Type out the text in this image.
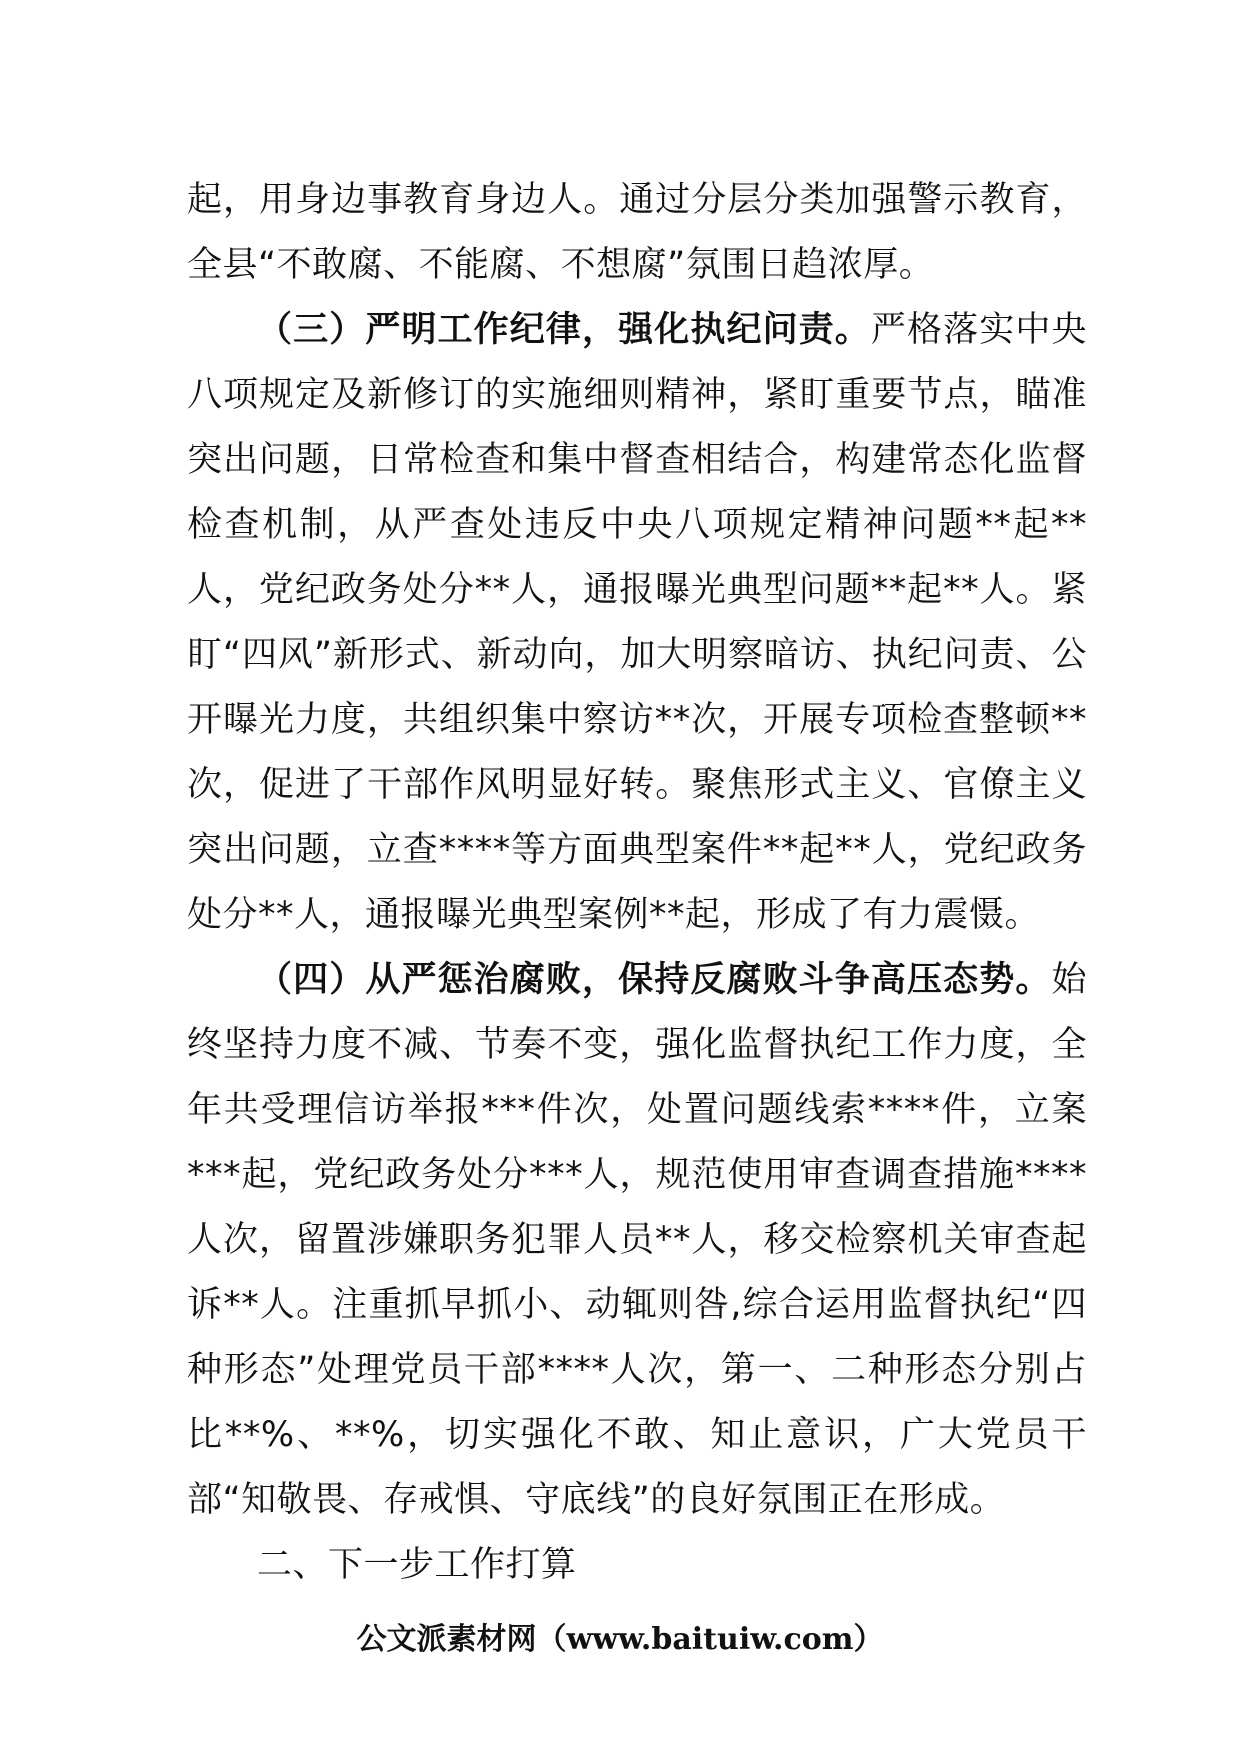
起，用身边事教育身边人。通过分层分类加强警示教育，全县“不敢腐、不能腐、不想腐”氛围日趋浓厚。

（三）严明工作纪律，强化执纪问责。严格落实中央八项规定及新修订的实施细则精神，紧盯重要节点，瞄准突出问题，日常检查和集中督查相结合，构建常态化监督检查机制，从严查处违反中央八项规定精神问题**起**人，党纪政务处分**人，通报曝光典型问题**起**人。紧盯“四风”新形式、新动向，加大明察暗访、执纪问责、公开曝光力度，共组织集中察访**次，开展专项检查整顿**次，促进了干部作风明显好转。聚焦形式主义、官僚主义突出问题，立查****等方面典型案件**起**人，党纪政务处分**人，通报曝光典型案例**起，形成了有力震慑。

（四）从严惩治腐败，保持反腐败斗争高压态势。始终坚持力度不减、节奏不变，强化监督执纪工作力度，全年共受理信访举报***件次，处置问题线索****件，立案***起，党纪政务处分***人，规范使用审查调查措施****人次，留置涉嫌职务犯罪人员**人，移交检察机关审查起诉**人。注重抓早抓小、动辄则咎,综合运用监督执纪“四种形态”处理党员干部****人次，第一、二种形态分别占比**%、**%，切实强化不敢、知止意识，广大党员干部“知敬畏、存戒惧、守底线”的良好氛围正在形成。

二、下一步工作打算

公文派素材网（www.baituiw.com）
